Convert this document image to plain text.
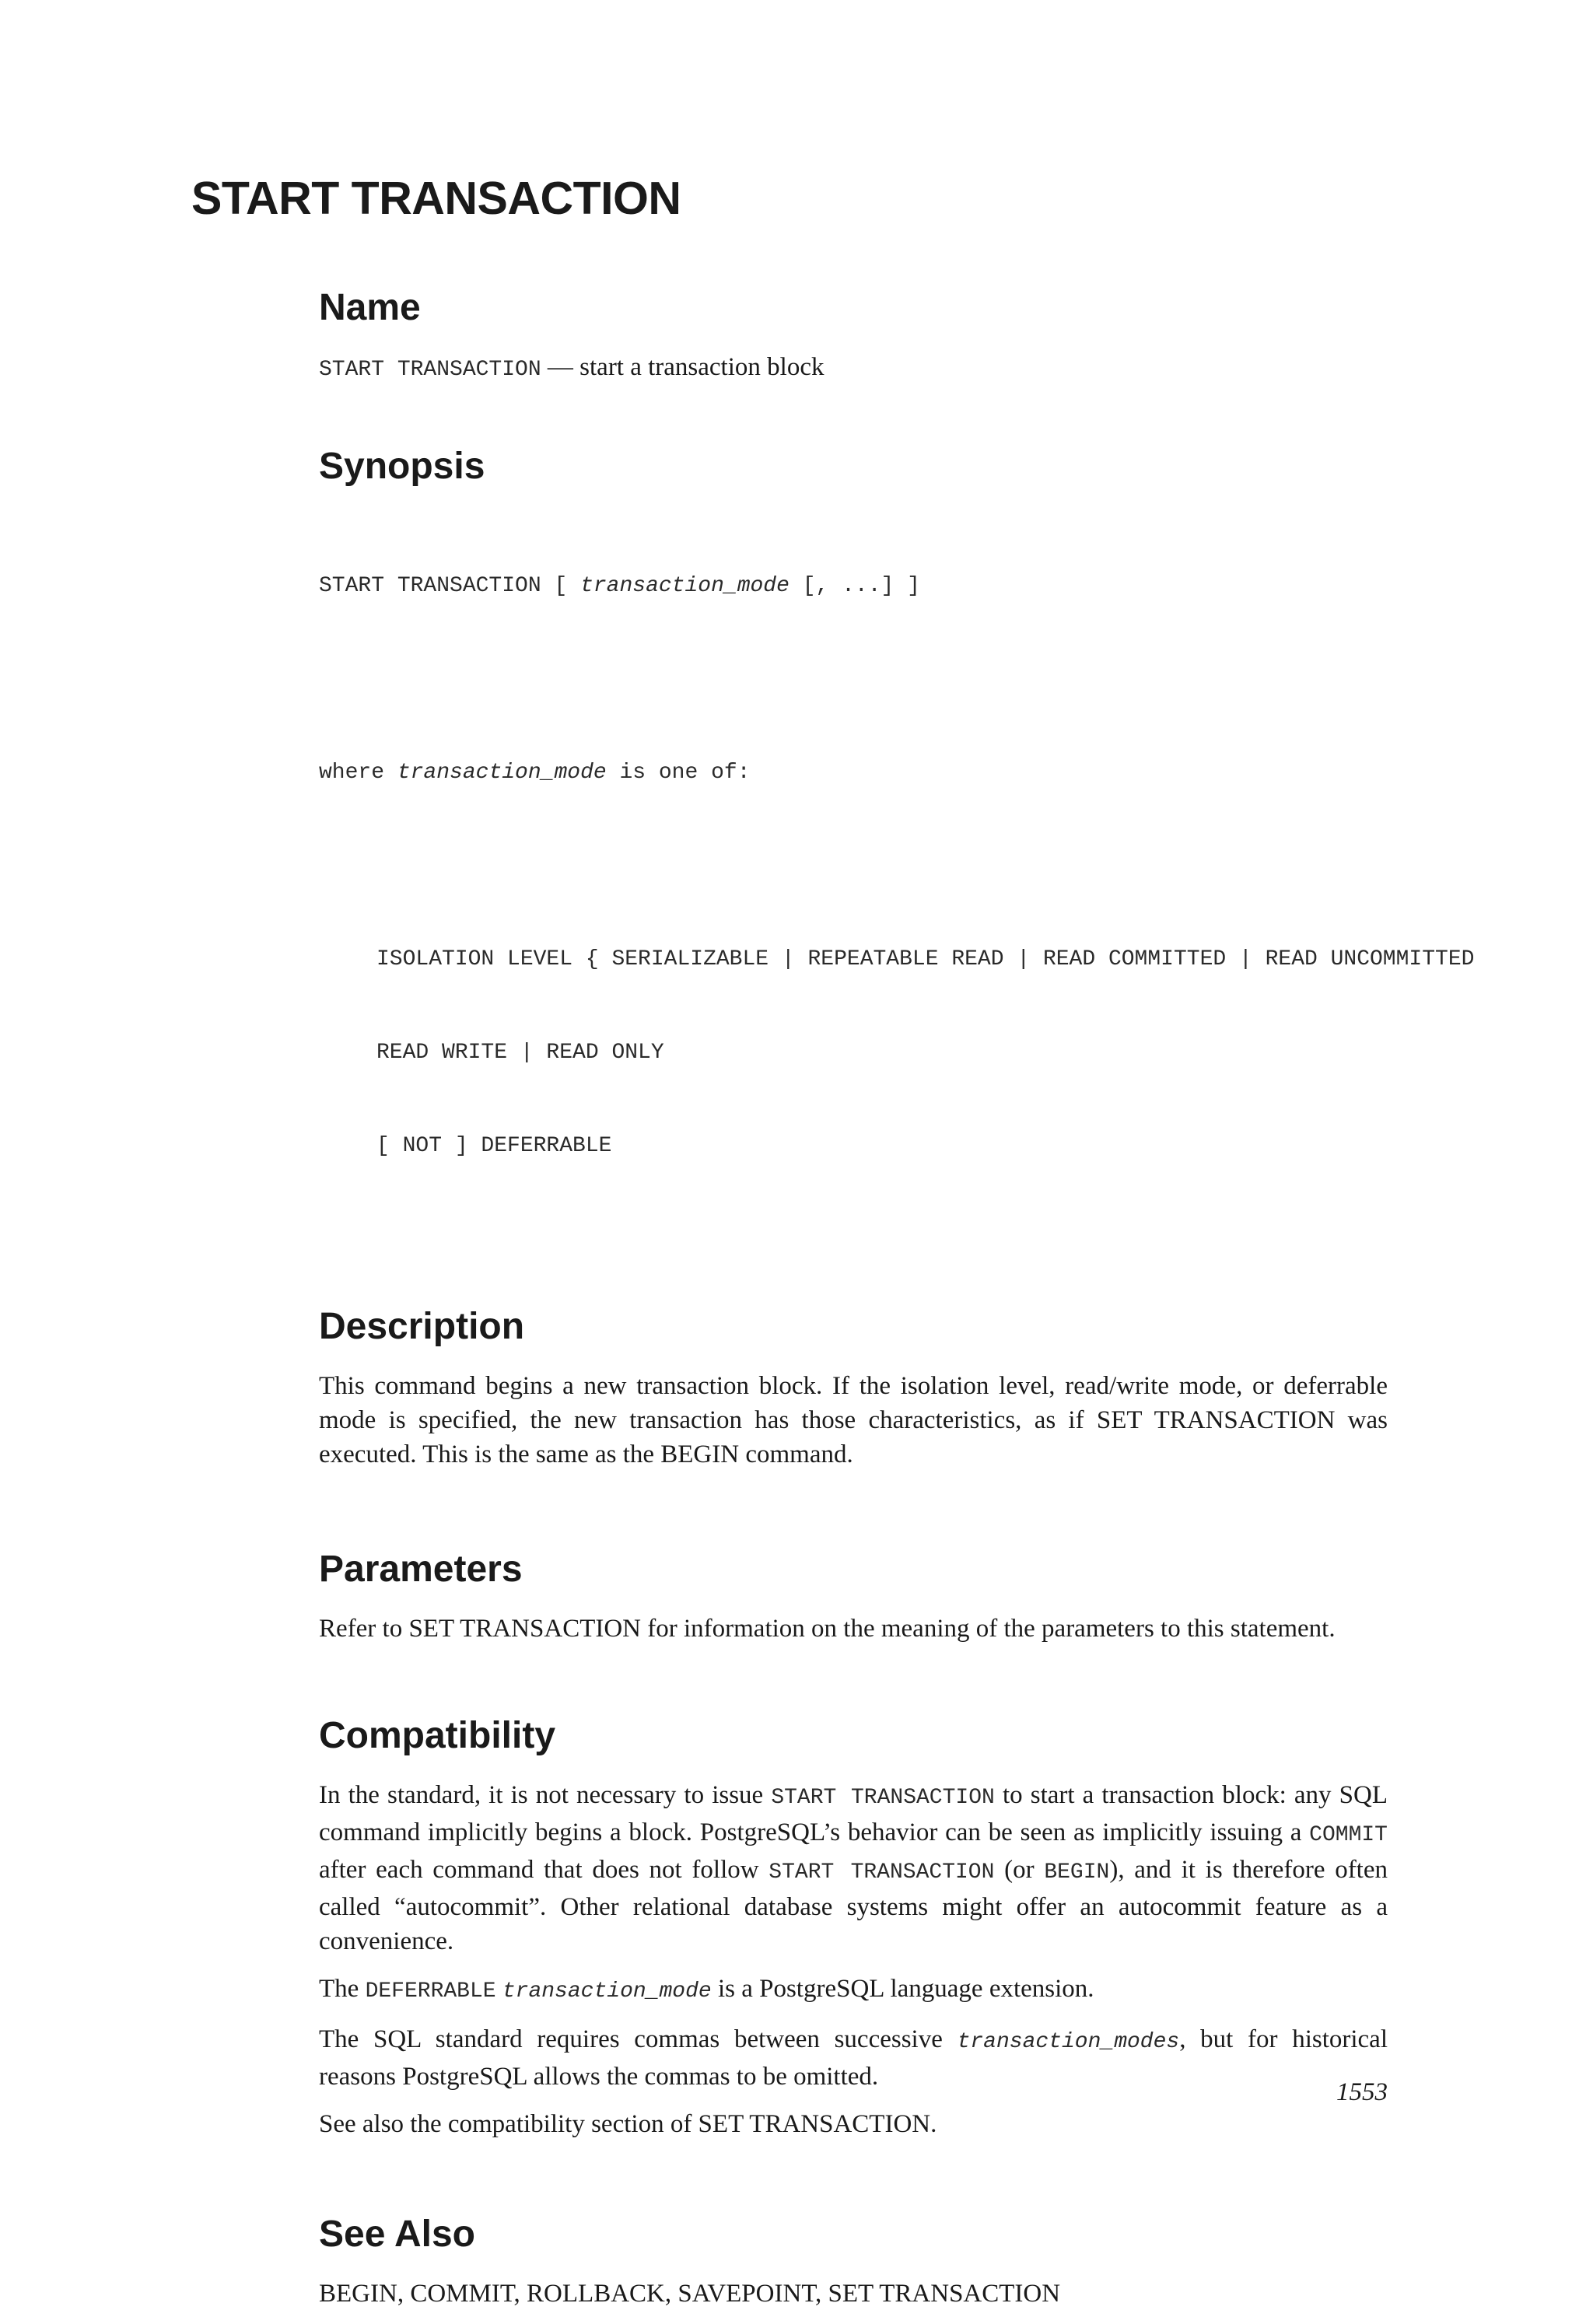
START TRANSACTION
Name

START TRANSACTION — start a transaction block

Synopsis

START TRANSACTION [ transaction_mode [, ...] ]

where transaction_mode is one of:

ISOLATION LEVEL { SERIALIZABLE | REPEATABLE READ | READ COMMITTED | READ UNCOMMITTED

READ WRITE | READ ONLY

[ NOT ] DEFERRABLE

Description

This command begins a new transaction block. If the isolation level, read/write mode, or deferrable mode is specified, the new transaction has those characteristics, as if SET TRANSACTION was executed. This is the same as the BEGIN command.

Parameters

Refer to SET TRANSACTION for information on the meaning of the parameters to this statement.

Compatibility

In the standard, it is not necessary to issue START TRANSACTION to start a transaction block: any SQL command implicitly begins a block. PostgreSQL’s behavior can be seen as implicitly issuing a COMMIT after each command that does not follow START TRANSACTION (or BEGIN), and it is therefore often called “autocommit”. Other relational database systems might offer an autocommit feature as a convenience.

The DEFERRABLE transaction_mode is a PostgreSQL language extension.

The SQL standard requires commas between successive transaction_modes, but for historical reasons PostgreSQL allows the commas to be omitted.

See also the compatibility section of SET TRANSACTION.

See Also

BEGIN, COMMIT, ROLLBACK, SAVEPOINT, SET TRANSACTION

1553
